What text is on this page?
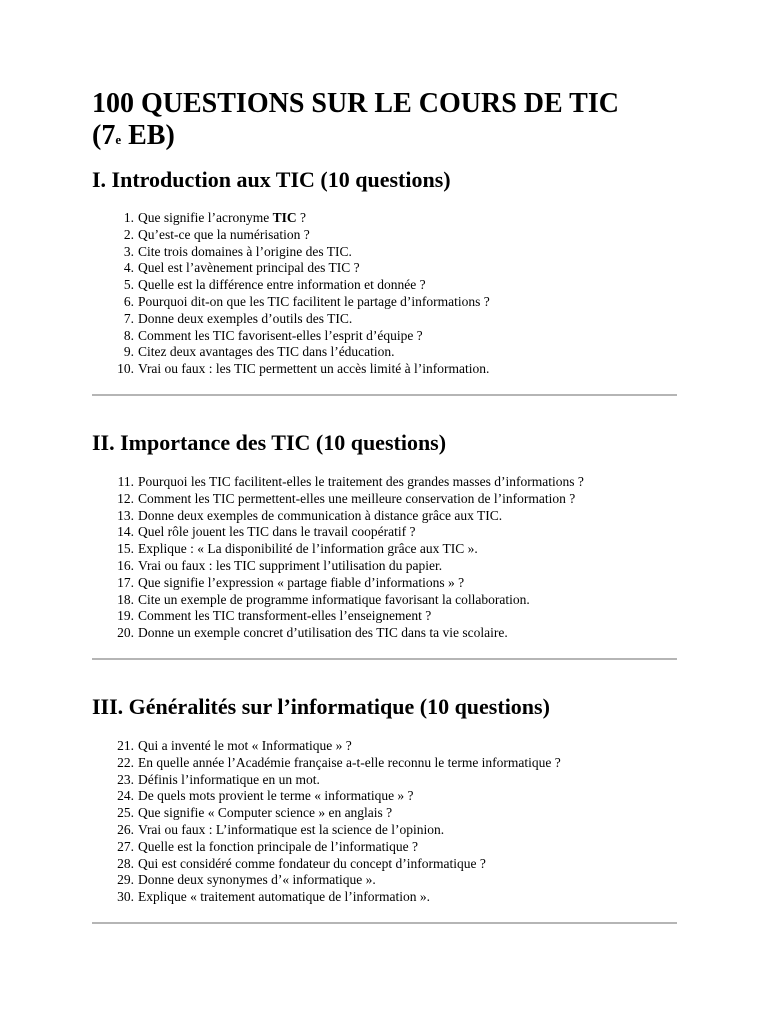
100 QUESTIONS SUR LE COURS DE TIC
(7e EB)
I. Introduction aux TIC (10 questions)
1. Que signifie l’acronyme TIC ?
2. Qu’est-ce que la numérisation ?
3. Cite trois domaines à l’origine des TIC.
4. Quel est l’avènement principal des TIC ?
5. Quelle est la différence entre information et donnée ?
6. Pourquoi dit-on que les TIC facilitent le partage d’informations ?
7. Donne deux exemples d’outils des TIC.
8. Comment les TIC favorisent-elles l’esprit d’équipe ?
9. Citez deux avantages des TIC dans l’éducation.
10. Vrai ou faux : les TIC permettent un accès limité à l’information.
II. Importance des TIC (10 questions)
11. Pourquoi les TIC facilitent-elles le traitement des grandes masses d’informations ?
12. Comment les TIC permettent-elles une meilleure conservation de l’information ?
13. Donne deux exemples de communication à distance grâce aux TIC.
14. Quel rôle jouent les TIC dans le travail coopératif ?
15. Explique : « La disponibilité de l’information grâce aux TIC ».
16. Vrai ou faux : les TIC suppriment l’utilisation du papier.
17. Que signifie l’expression « partage fiable d’informations » ?
18. Cite un exemple de programme informatique favorisant la collaboration.
19. Comment les TIC transforment-elles l’enseignement ?
20. Donne un exemple concret d’utilisation des TIC dans ta vie scolaire.
III. Généralités sur l’informatique (10 questions)
21. Qui a inventé le mot « Informatique » ?
22. En quelle année l’Académie française a-t-elle reconnu le terme informatique ?
23. Définis l’informatique en un mot.
24. De quels mots provient le terme « informatique » ?
25. Que signifie « Computer science » en anglais ?
26. Vrai ou faux : L’informatique est la science de l’opinion.
27. Quelle est la fonction principale de l’informatique ?
28. Qui est considéré comme fondateur du concept d’informatique ?
29. Donne deux synonymes d’« informatique ».
30. Explique « traitement automatique de l’information ».
